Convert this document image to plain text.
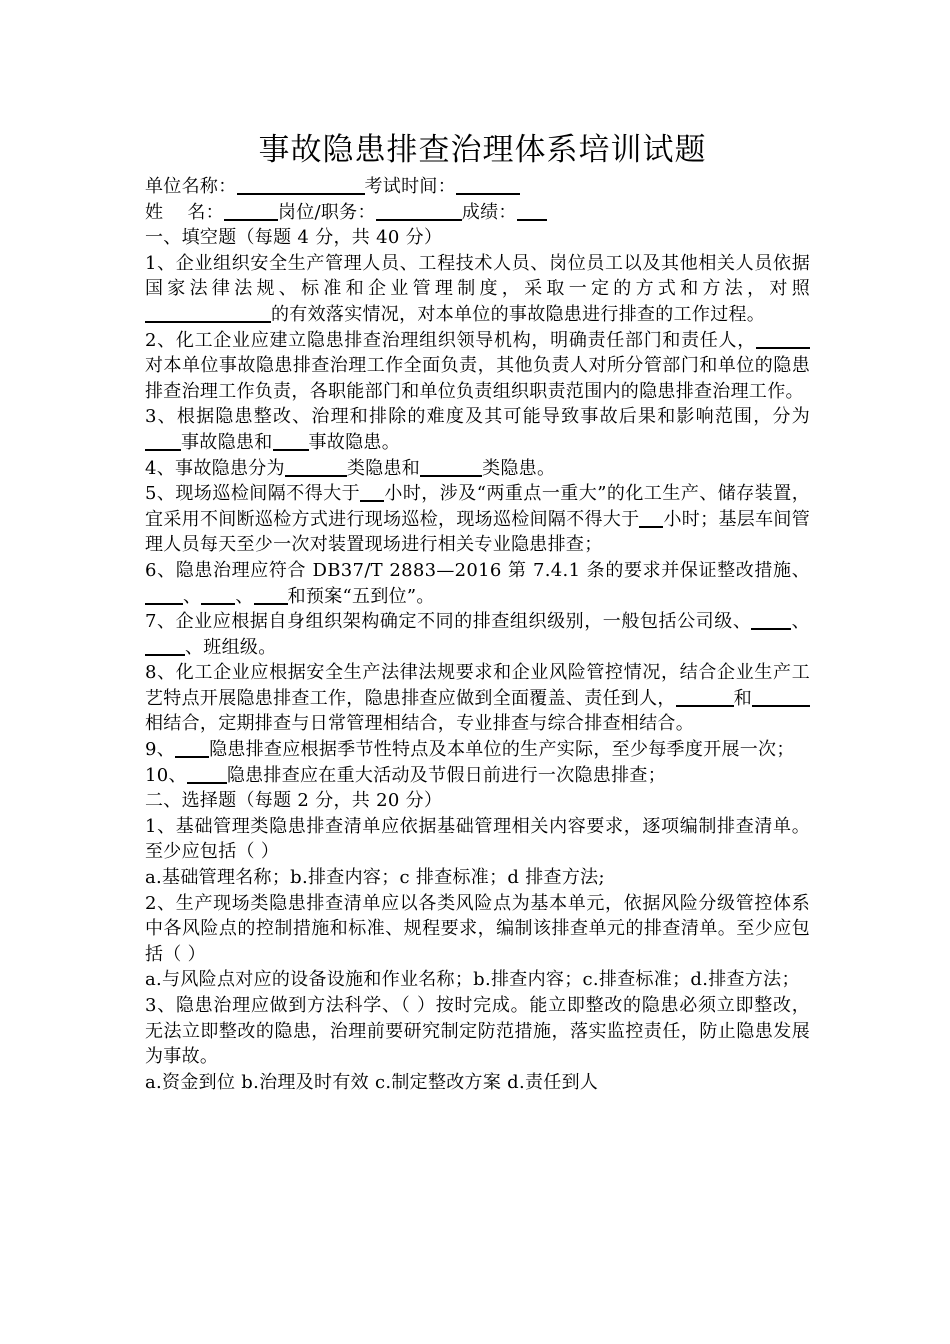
事故隐患排查治理体系培训试题
单位名称：	考试时间：
姓 名：	岗位/职务：	成绩：
一、填空题（每题 4 分，共 40 分）

1、企业组织安全生产管理人员、工程技术人员、岗位员工以及其他相关人员依据国家法律法规、标准和企业管理制度，采取一定的方式和方法，对照的有效落实情况，对本单位的事故隐患进行排查的工作过程。

2、化工企业应建立隐患排查治理组织领导机构，明确责任部门和责任人，对本单位事故隐患排查治理工作全面负责，其他负责人对所分管部门和单位的隐患排查治理工作负责，各职能部门和单位负责组织职责范围内的隐患排查治理工作。

3、根据隐患整改、治理和排除的难度及其可能导致事故后果和影响范围，分为事故隐患和 事故隐患。

4、事故隐患分为	类隐患和	类隐患。

5、现场巡检间隔不得大于 小时，涉及“两重点一重大”的化工生产、储存装置，宜采用不间断巡检方式进行现场巡检，现场巡检间隔不得大于 小时；基层车间管理人员每天至少一次对装置现场进行相关专业隐患排查；

6、隐患治理应符合 DB37/T 2883—2016 第 7.4.1 条的要求并保证整改措施、、 、 和预案“五到位”。

7、企业应根据自身组织架构确定不同的排查组织级别，一般包括公司级、 、、班组级。

8、化工企业应根据安全生产法律法规要求和企业风险管控情况，结合企业生产工艺特点开展隐患排查工作，隐患排查应做到全面覆盖、责任到人，	和相结合，定期排查与日常管理相结合，专业排查与综合排查相结合。

9、 隐患排查应根据季节性特点及本单位的生产实际，至少每季度开展一次；

10、 隐患排查应在重大活动及节假日前进行一次隐患排查；

二、选择题（每题 2 分，共 20 分）

1、基础管理类隐患排查清单应依据基础管理相关内容要求，逐项编制排查清单。至少应包括（ ）

a.基础管理名称；b.排查内容；c 排查标准；d 排查方法;

2、生产现场类隐患排查清单应以各类风险点为基本单元，依据风险分级管控体系中各风险点的控制措施和标准、规程要求，编制该排查单元的排查清单。至少应包括（ ）

a.与风险点对应的设备设施和作业名称；b.排查内容；c.排查标准；d.排查方法；

3、隐患治理应做到方法科学、（ ）按时完成。能立即整改的隐患必须立即整改，无法立即整改的隐患，治理前要研究制定防范措施，落实监控责任，防止隐患发展为事故。

a.资金到位 b.治理及时有效 c.制定整改方案 d.责任到人
